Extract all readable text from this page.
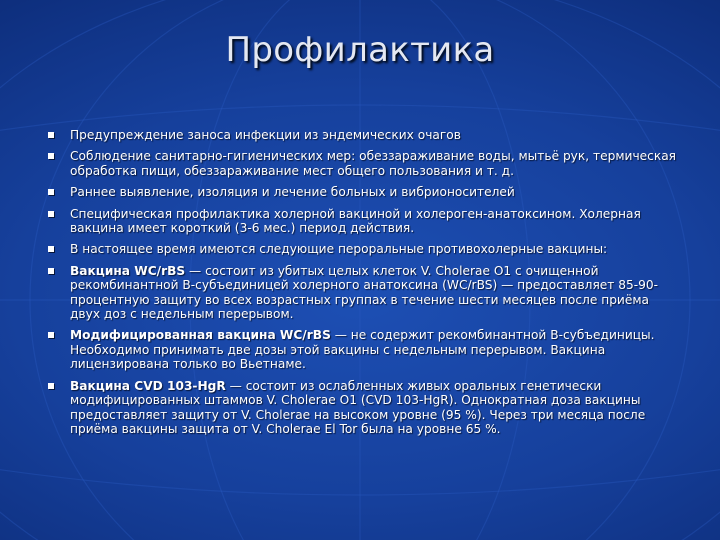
Профилактика
Предупреждение заноса инфекции из эндемических очагов
Соблюдение санитарно-гигиенических мер: обеззараживание воды, мытьё рук, термическая обработка пищи, обеззараживание мест общего пользования и т. д.
Раннее выявление, изоляция и лечение больных и вибрионосителей
Специфическая профилактика холерной вакциной и холероген-анатоксином. Холерная вакцина имеет короткий (3-6 мес.) период действия.
В настоящее время имеются следующие пероральные противохолерные вакцины:
Вакцина WC/rBS — состоит из убитых целых клеток V. Cholerae O1 с очищенной рекомбинантной B-субъединицей холерного анатоксина (WC/rBS) — предоставляет 85-90-процентную защиту во всех возрастных группах в течение шести месяцев после приёма двух доз с недельным перерывом.
Модифицированная вакцина WC/rBS — не содержит рекомбинантной B-субъединицы. Необходимо принимать две дозы этой вакцины с недельным перерывом. Вакцина лицензирована только во Вьетнаме.
Вакцина CVD 103-HgR — состоит из ослабленных живых оральных генетически модифицированных штаммов V. Cholerae O1 (CVD 103-HgR). Однократная доза вакцины предоставляет защиту от V. Cholerae на высоком уровне (95 %). Через три месяца после приёма вакцины защита от V. Cholerae El Tor была на уровне 65 %.
